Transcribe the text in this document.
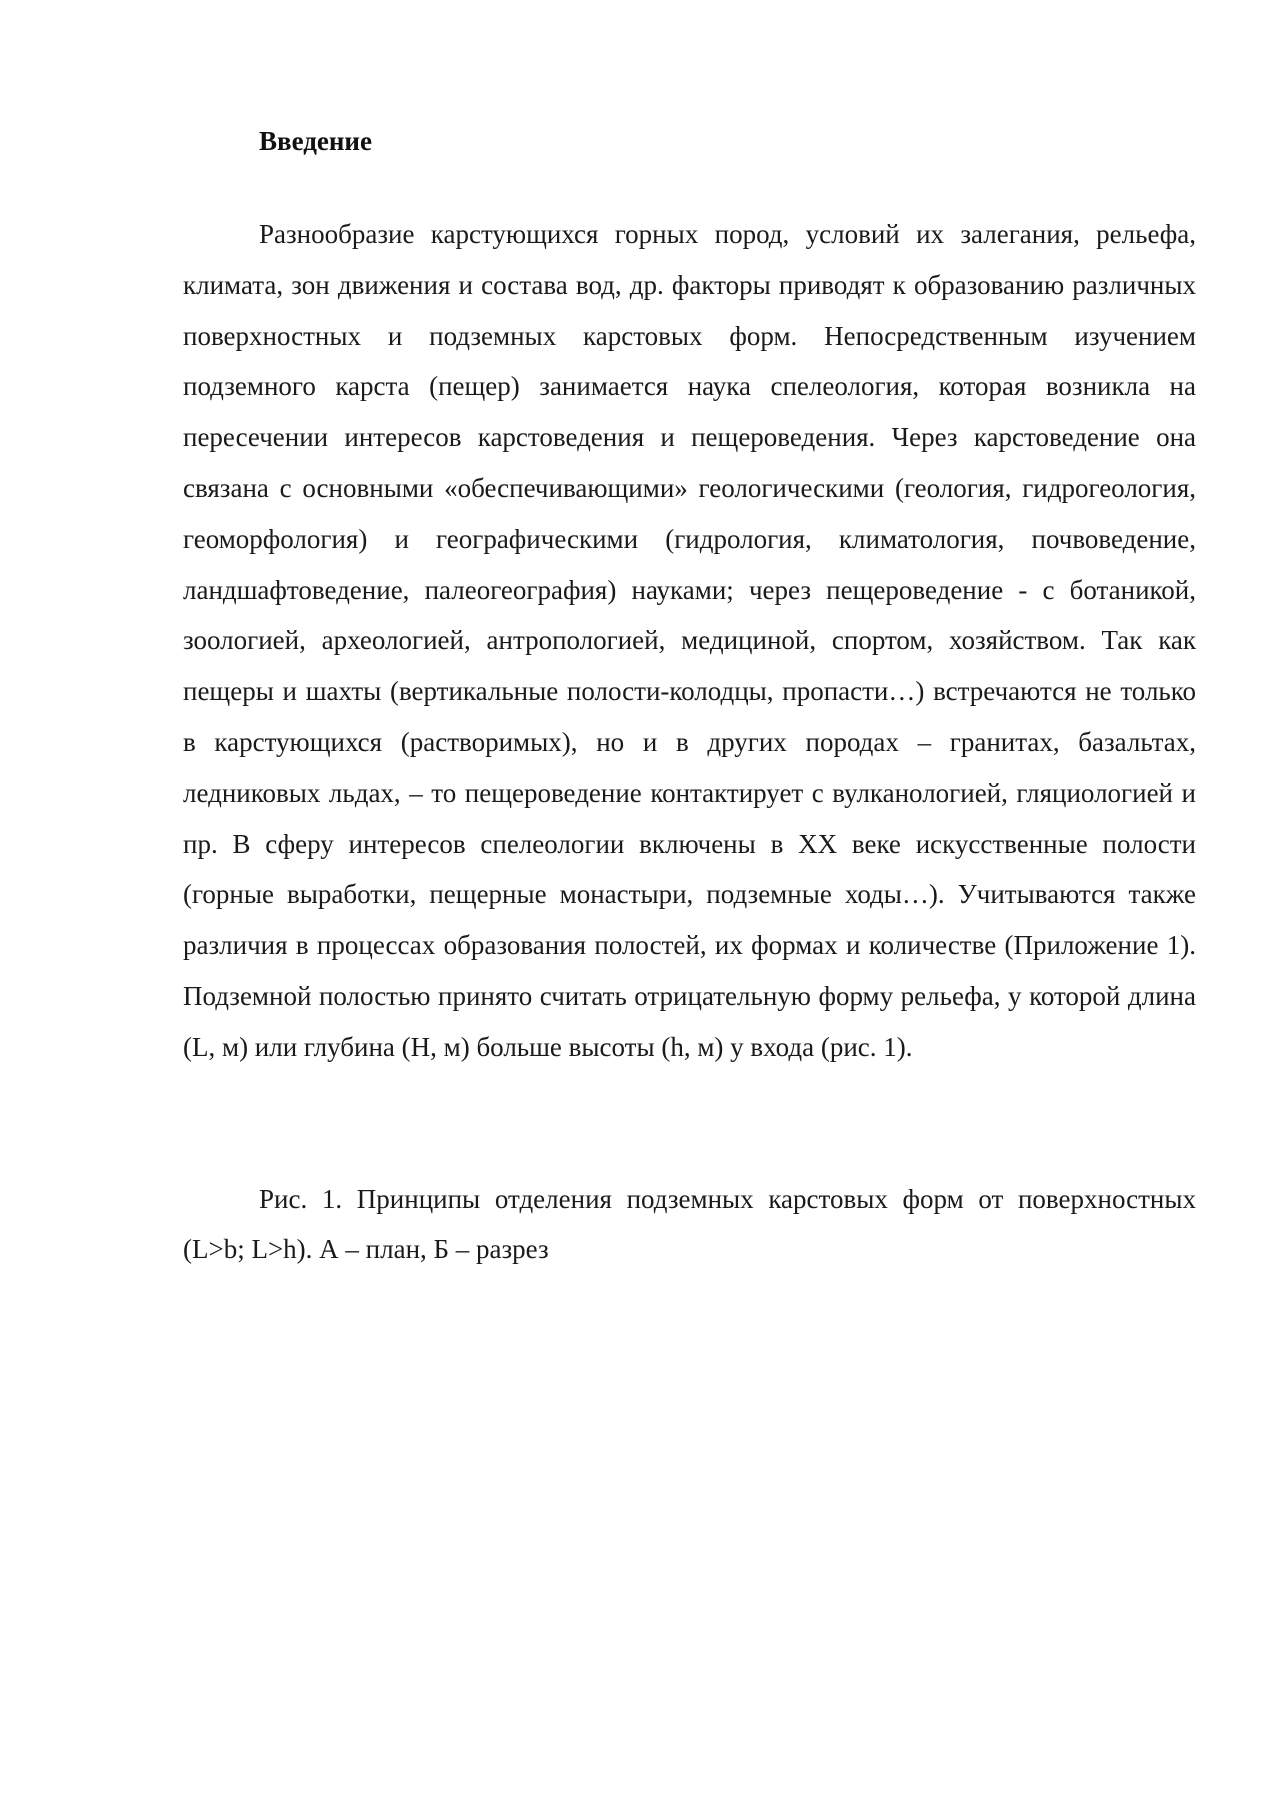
Введение

Разнообразие карстующихся горных пород, условий их залегания, рельефа, климата, зон движения и состава вод, др. факторы приводят к образованию различных поверхностных и подземных карстовых форм. Непосредственным изучением подземного карста (пещер) занимается наука спелеология, которая возникла на пересечении интересов карстоведения и пещероведения. Через карстоведение она связана с основными «обеспечивающими» геологическими (геология, гидрогеология, геоморфология) и географическими (гидрология, климатология, почвоведение, ландшафтоведение, палеогеография) науками; через пещероведение - с ботаникой, зоологией, археологией, антропологией, медициной, спортом, хозяйством. Так как пещеры и шахты (вертикальные полости-колодцы, пропасти…) встречаются не только в карстующихся (растворимых), но и в других породах – гранитах, базальтах, ледниковых льдах, – то пещероведение контактирует с вулканологией, гляциологией и пр. В сферу интересов спелеологии включены в XX веке искусственные полости (горные выработки, пещерные монастыри, подземные ходы…). Учитываются также различия в процессах образования полостей, их формах и количестве (Приложение 1). Подземной полостью принято считать отрицательную форму рельефа, у которой длина (L, м) или глубина (H, м) больше высоты (h, м) у входа (рис. 1).

Рис. 1. Принципы отделения подземных карстовых форм от поверхностных (L>b; L>h). А – план, Б – разрез
